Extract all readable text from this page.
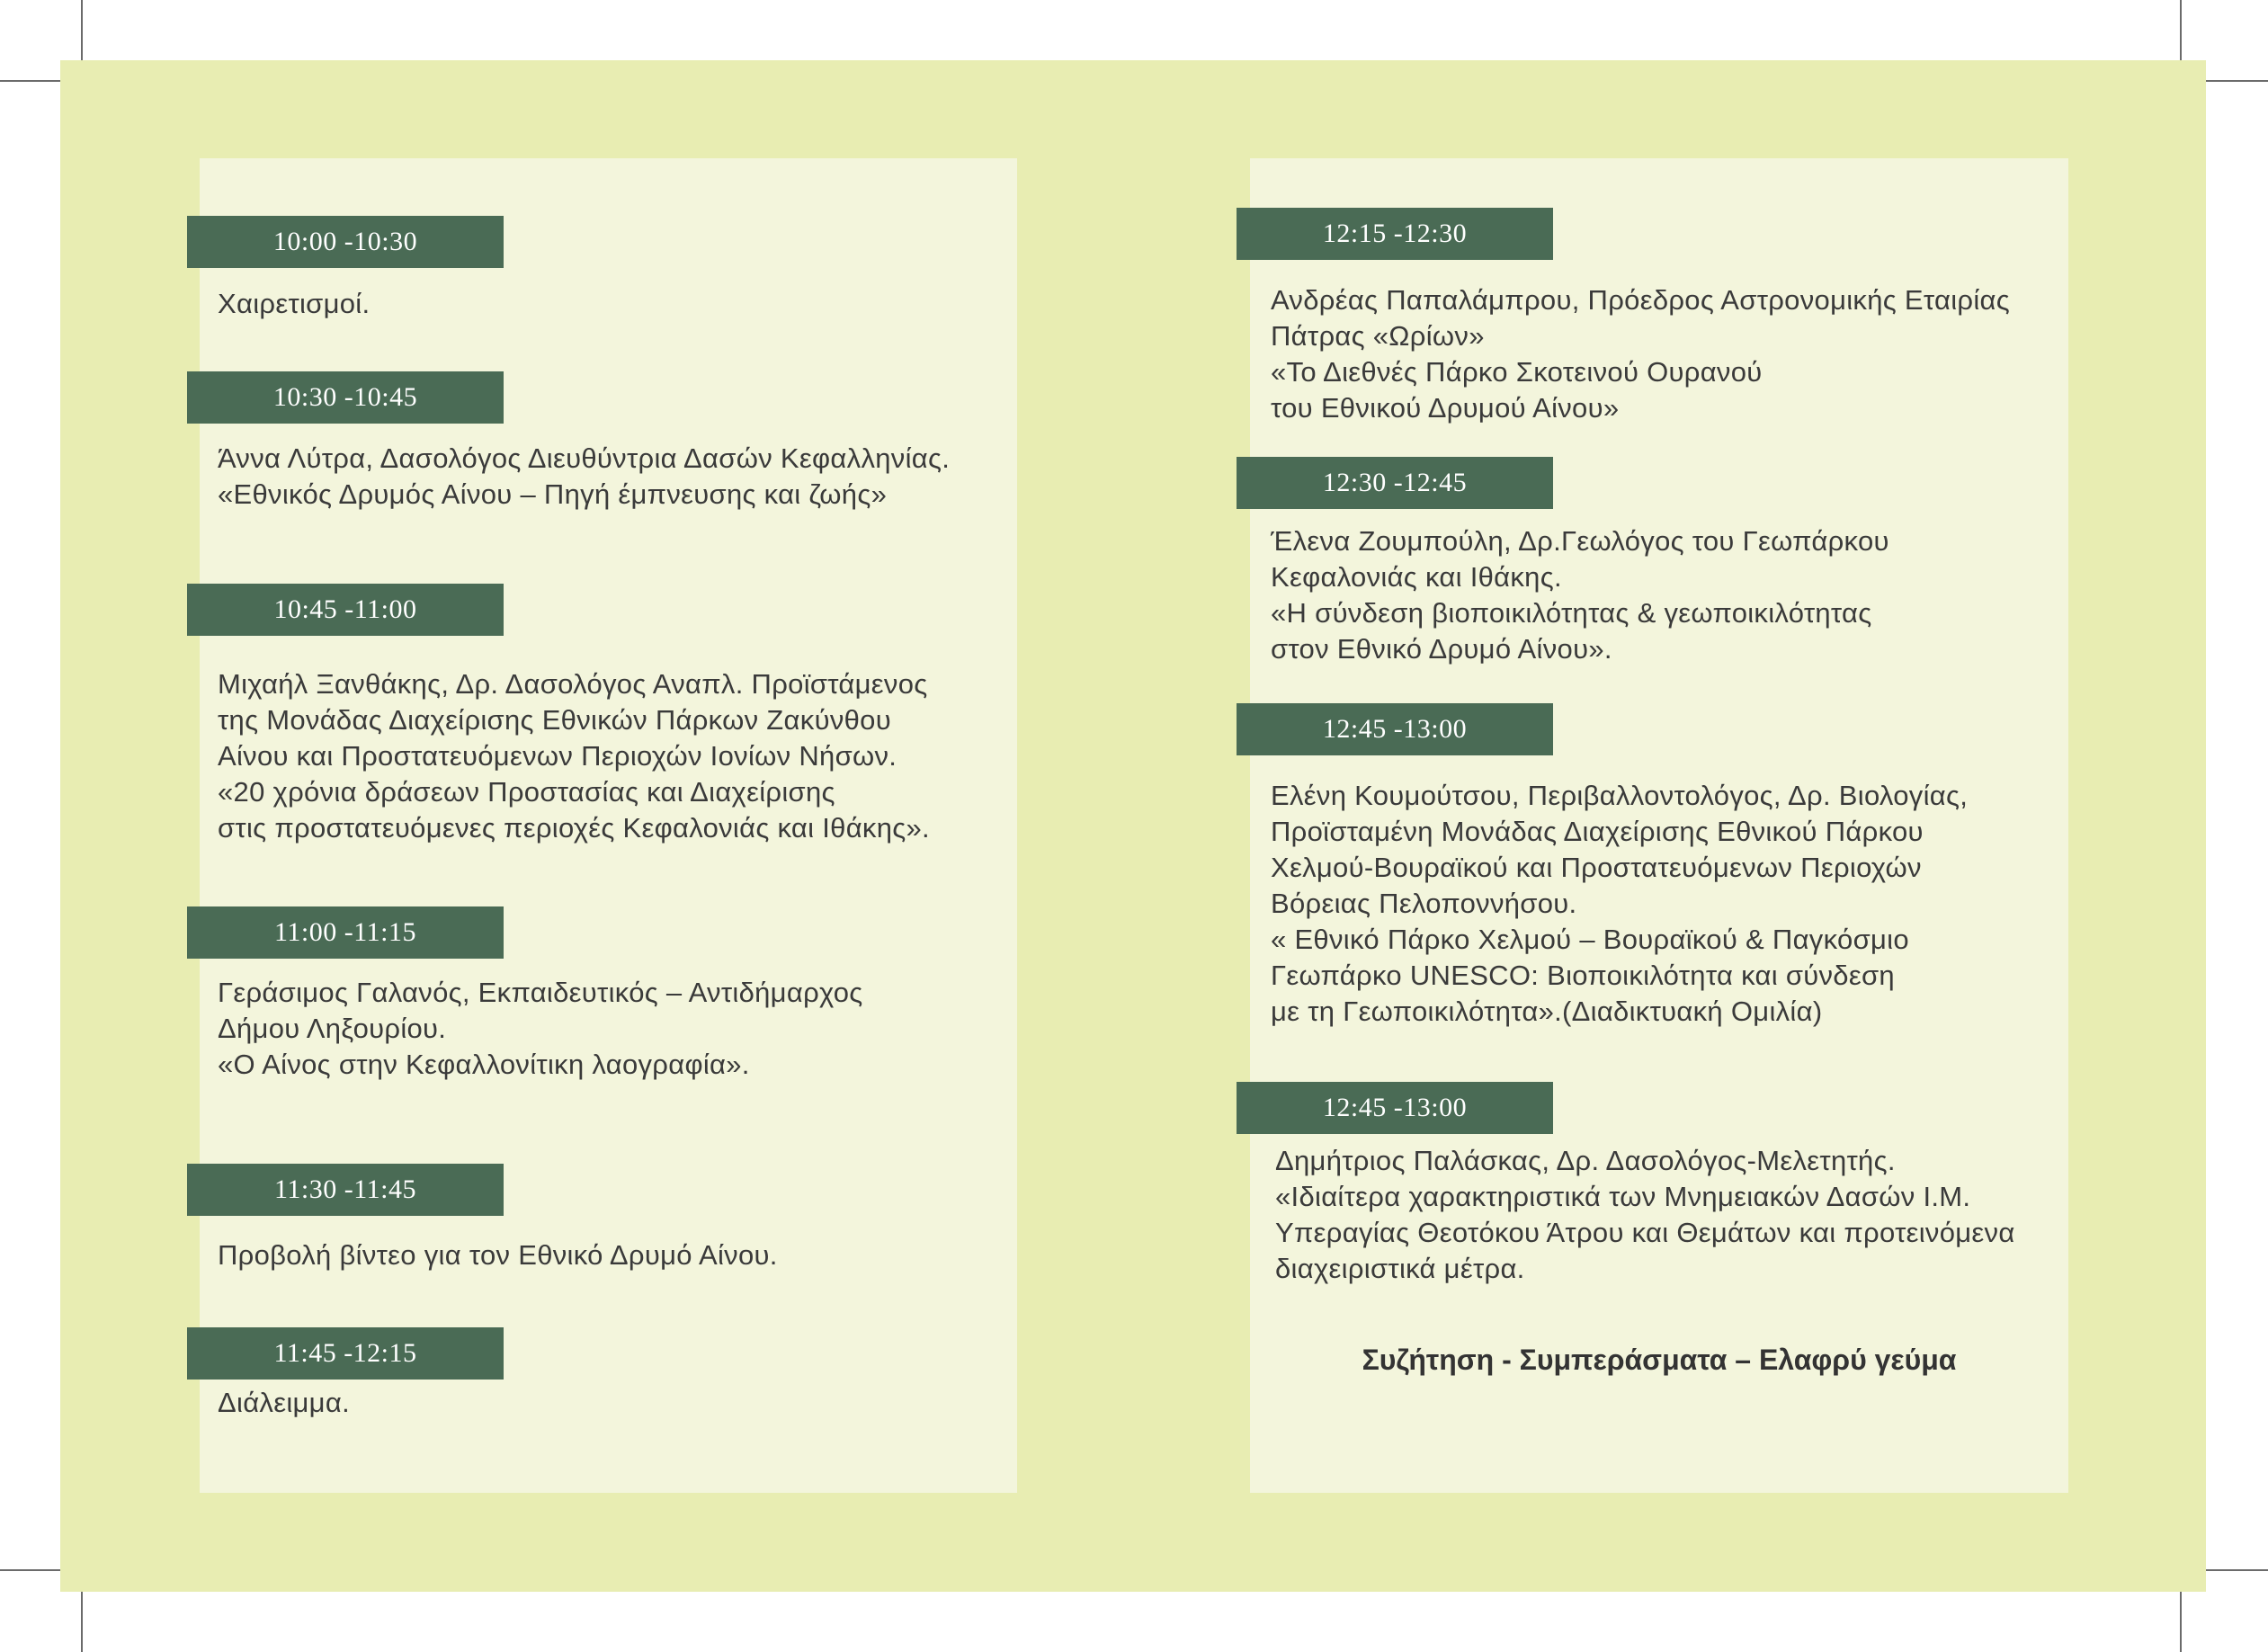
10:00 -10:30
Χαιρετισμοί.
10:30 -10:45
Άννα Λύτρα, Δασολόγος Διευθύντρια Δασών Κεφαλληνίας.
«Εθνικός Δρυμός Αίνου – Πηγή έμπνευσης και ζωής»
10:45 -11:00
Μιχαήλ Ξανθάκης, Δρ. Δασολόγος Αναπλ. Προϊστάμενος
της Μονάδας Διαχείρισης Εθνικών Πάρκων Ζακύνθου
Αίνου και Προστατευόμενων Περιοχών Ιονίων Νήσων.
«20 χρόνια δράσεων Προστασίας και Διαχείρισης
στις προστατευόμενες περιοχές Κεφαλονιάς και Ιθάκης».
11:00 -11:15
Γεράσιμος Γαλανός, Εκπαιδευτικός – Αντιδήμαρχος
Δήμου Ληξουρίου.
«Ο Αίνος στην Κεφαλλονίτικη λαογραφία».
11:30 -11:45
Προβολή βίντεο για τον Εθνικό Δρυμό Αίνου.
11:45 -12:15
Διάλειμμα.
12:15 -12:30
Ανδρέας Παπαλάμπρου, Πρόεδρος Αστρονομικής Εταιρίας
Πάτρας «Ωρίων»
«Το Διεθνές Πάρκο Σκοτεινού Ουρανού
του Εθνικού Δρυμού Αίνου»
12:30 -12:45
Έλενα Ζουμπούλη, Δρ.Γεωλόγος του Γεωπάρκου
Κεφαλονιάς και Ιθάκης.
«Η σύνδεση βιοποικιλότητας & γεωποικιλότητας
στον Εθνικό Δρυμό Αίνου».
12:45 -13:00
Ελένη Κουμούτσου, Περιβαλλοντολόγος, Δρ. Βιολογίας,
Προϊσταμένη Μονάδας Διαχείρισης Εθνικού Πάρκου
Χελμού-Βουραϊκού και Προστατευόμενων Περιοχών
Βόρειας Πελοποννήσου.
« Εθνικό Πάρκο Χελμού – Βουραϊκού & Παγκόσμιο
Γεωπάρκο UNESCO: Βιοποικιλότητα και σύνδεση
με τη Γεωποικιλότητα».(Διαδικτυακή Ομιλία)
12:45 -13:00
Δημήτριος Παλάσκας, Δρ. Δασολόγος-Μελετητής.
«Ιδιαίτερα χαρακτηριστικά των Μνημειακών Δασών Ι.Μ.
Υπεραγίας Θεοτόκου Άτρου και Θεμάτων και προτεινόμενα
διαχειριστικά μέτρα.
Συζήτηση - Συμπεράσματα – Ελαφρύ γεύμα
